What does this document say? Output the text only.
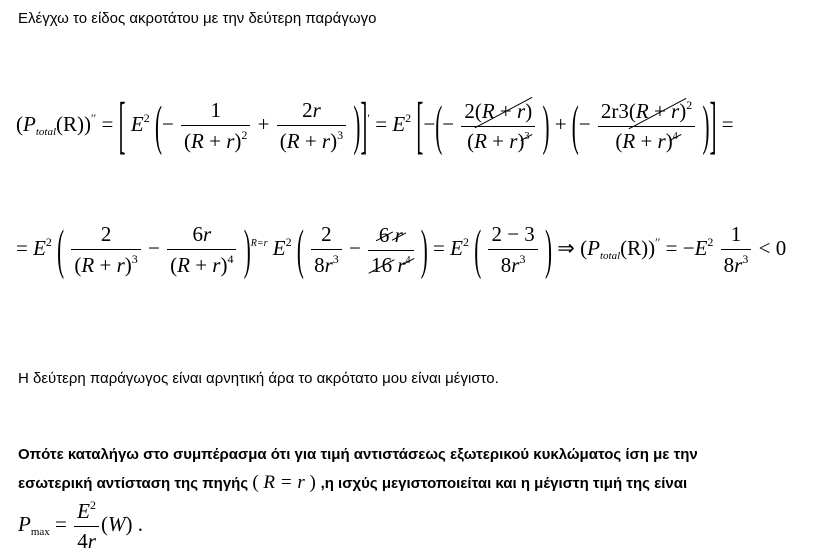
Ελέγχω το είδος ακροτάτου με την δεύτερη παράγωγο
$(P_{total}(R))''$ = [ $E^2$ (− $\frac{1}{(R + r)^2} + \frac{2r}{(R + r)^3} )]' = E^2$ [−(− $\frac{2(R + r)}{(R + r)3}$ ) + (− $\frac{2r3(R + r)^2}{(R + r)4}$ )] =
= $E^2$ ( $\frac{2}{(R + r)^3} - \frac{6r}{(R + r)^4} )^{R=r}$ $E^2$ ( $\frac{2}{8r^3} - \frac{6 r}{16 r4}$ ) = $E^2$ ( $\frac{2 - 3}{8r^3}$ ) ⇒ $(P_{total}(R))'' = -E^2 \frac{1}{8r^3} < 0$
Η δεύτερη παράγωγος είναι αρνητική άρα το ακρότατο μου είναι μέγιστο.
Οπότε καταλήγω στο συμπέρασμα ότι για τιμή αντιστάσεως εξωτερικού κυκλώματος ίση με την
εσωτερική αντίσταση της πηγής ( R = r ) ,η ισχύς μεγιστοποιείται και η μέγιστη τιμή της είναι
$P_{max} = \frac{E^2}{4r} (W)$ .
